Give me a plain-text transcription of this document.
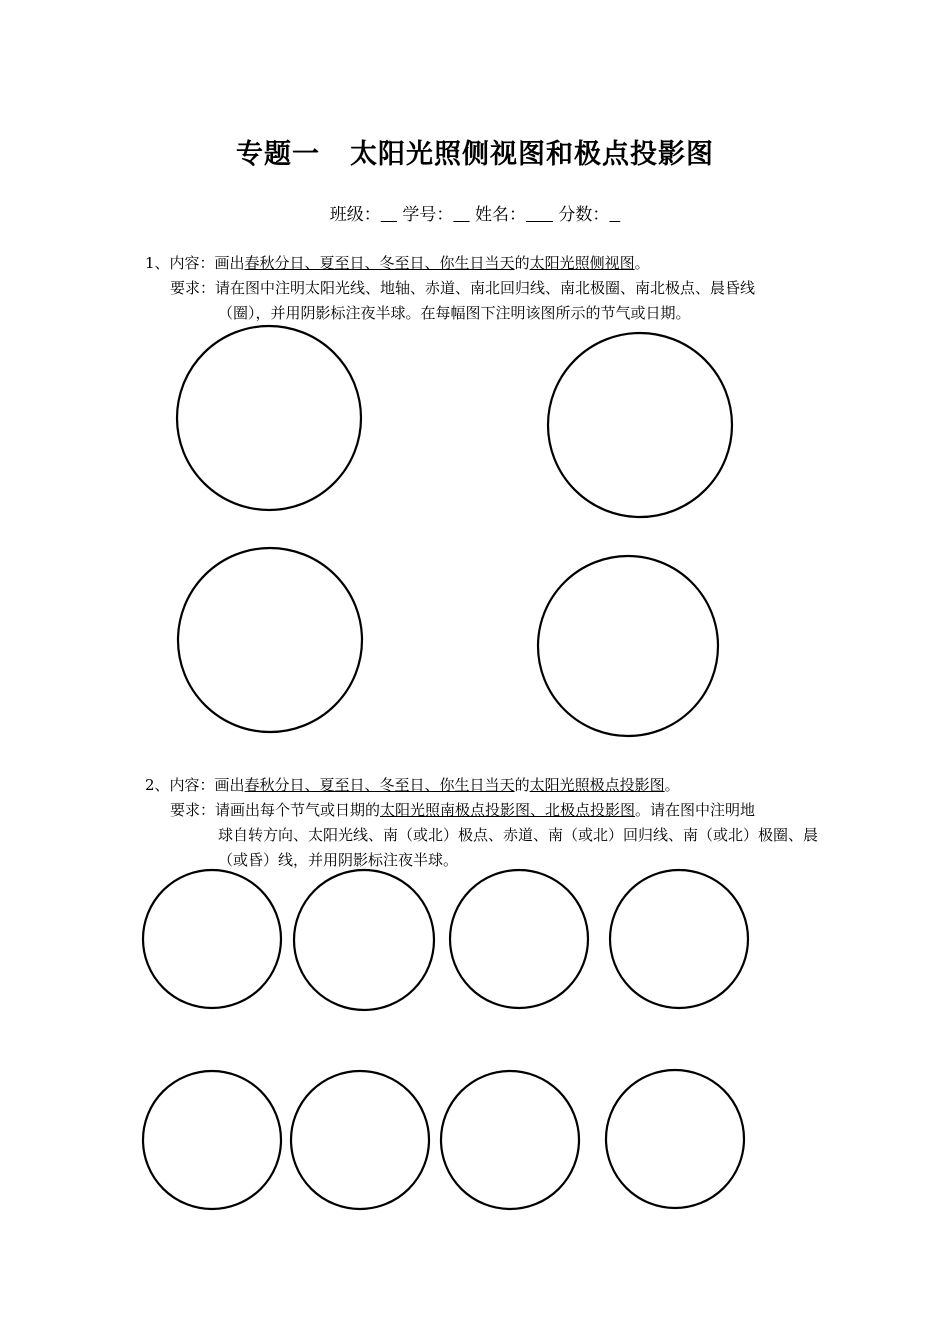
专题一 太阳光照侧视图和极点投影图
班级：    学号：    姓名：      分数：
1、内容：画出春秋分日、夏至日、冬至日、你生日当天的太阳光照侧视图。
要求：请在图中注明太阳光线、地轴、赤道、南北回归线、南北极圈、南北极点、晨昏线
（圈），并用阴影标注夜半球。在每幅图下注明该图所示的节气或日期。
2、内容：画出春秋分日、夏至日、冬至日、你生日当天的太阳光照极点投影图。
要求：请画出每个节气或日期的太阳光照南极点投影图、北极点投影图。请在图中注明地
球自转方向、太阳光线、南（或北）极点、赤道、南（或北）回归线、南（或北）极圈、晨
（或昏）线，并用阴影标注夜半球。
